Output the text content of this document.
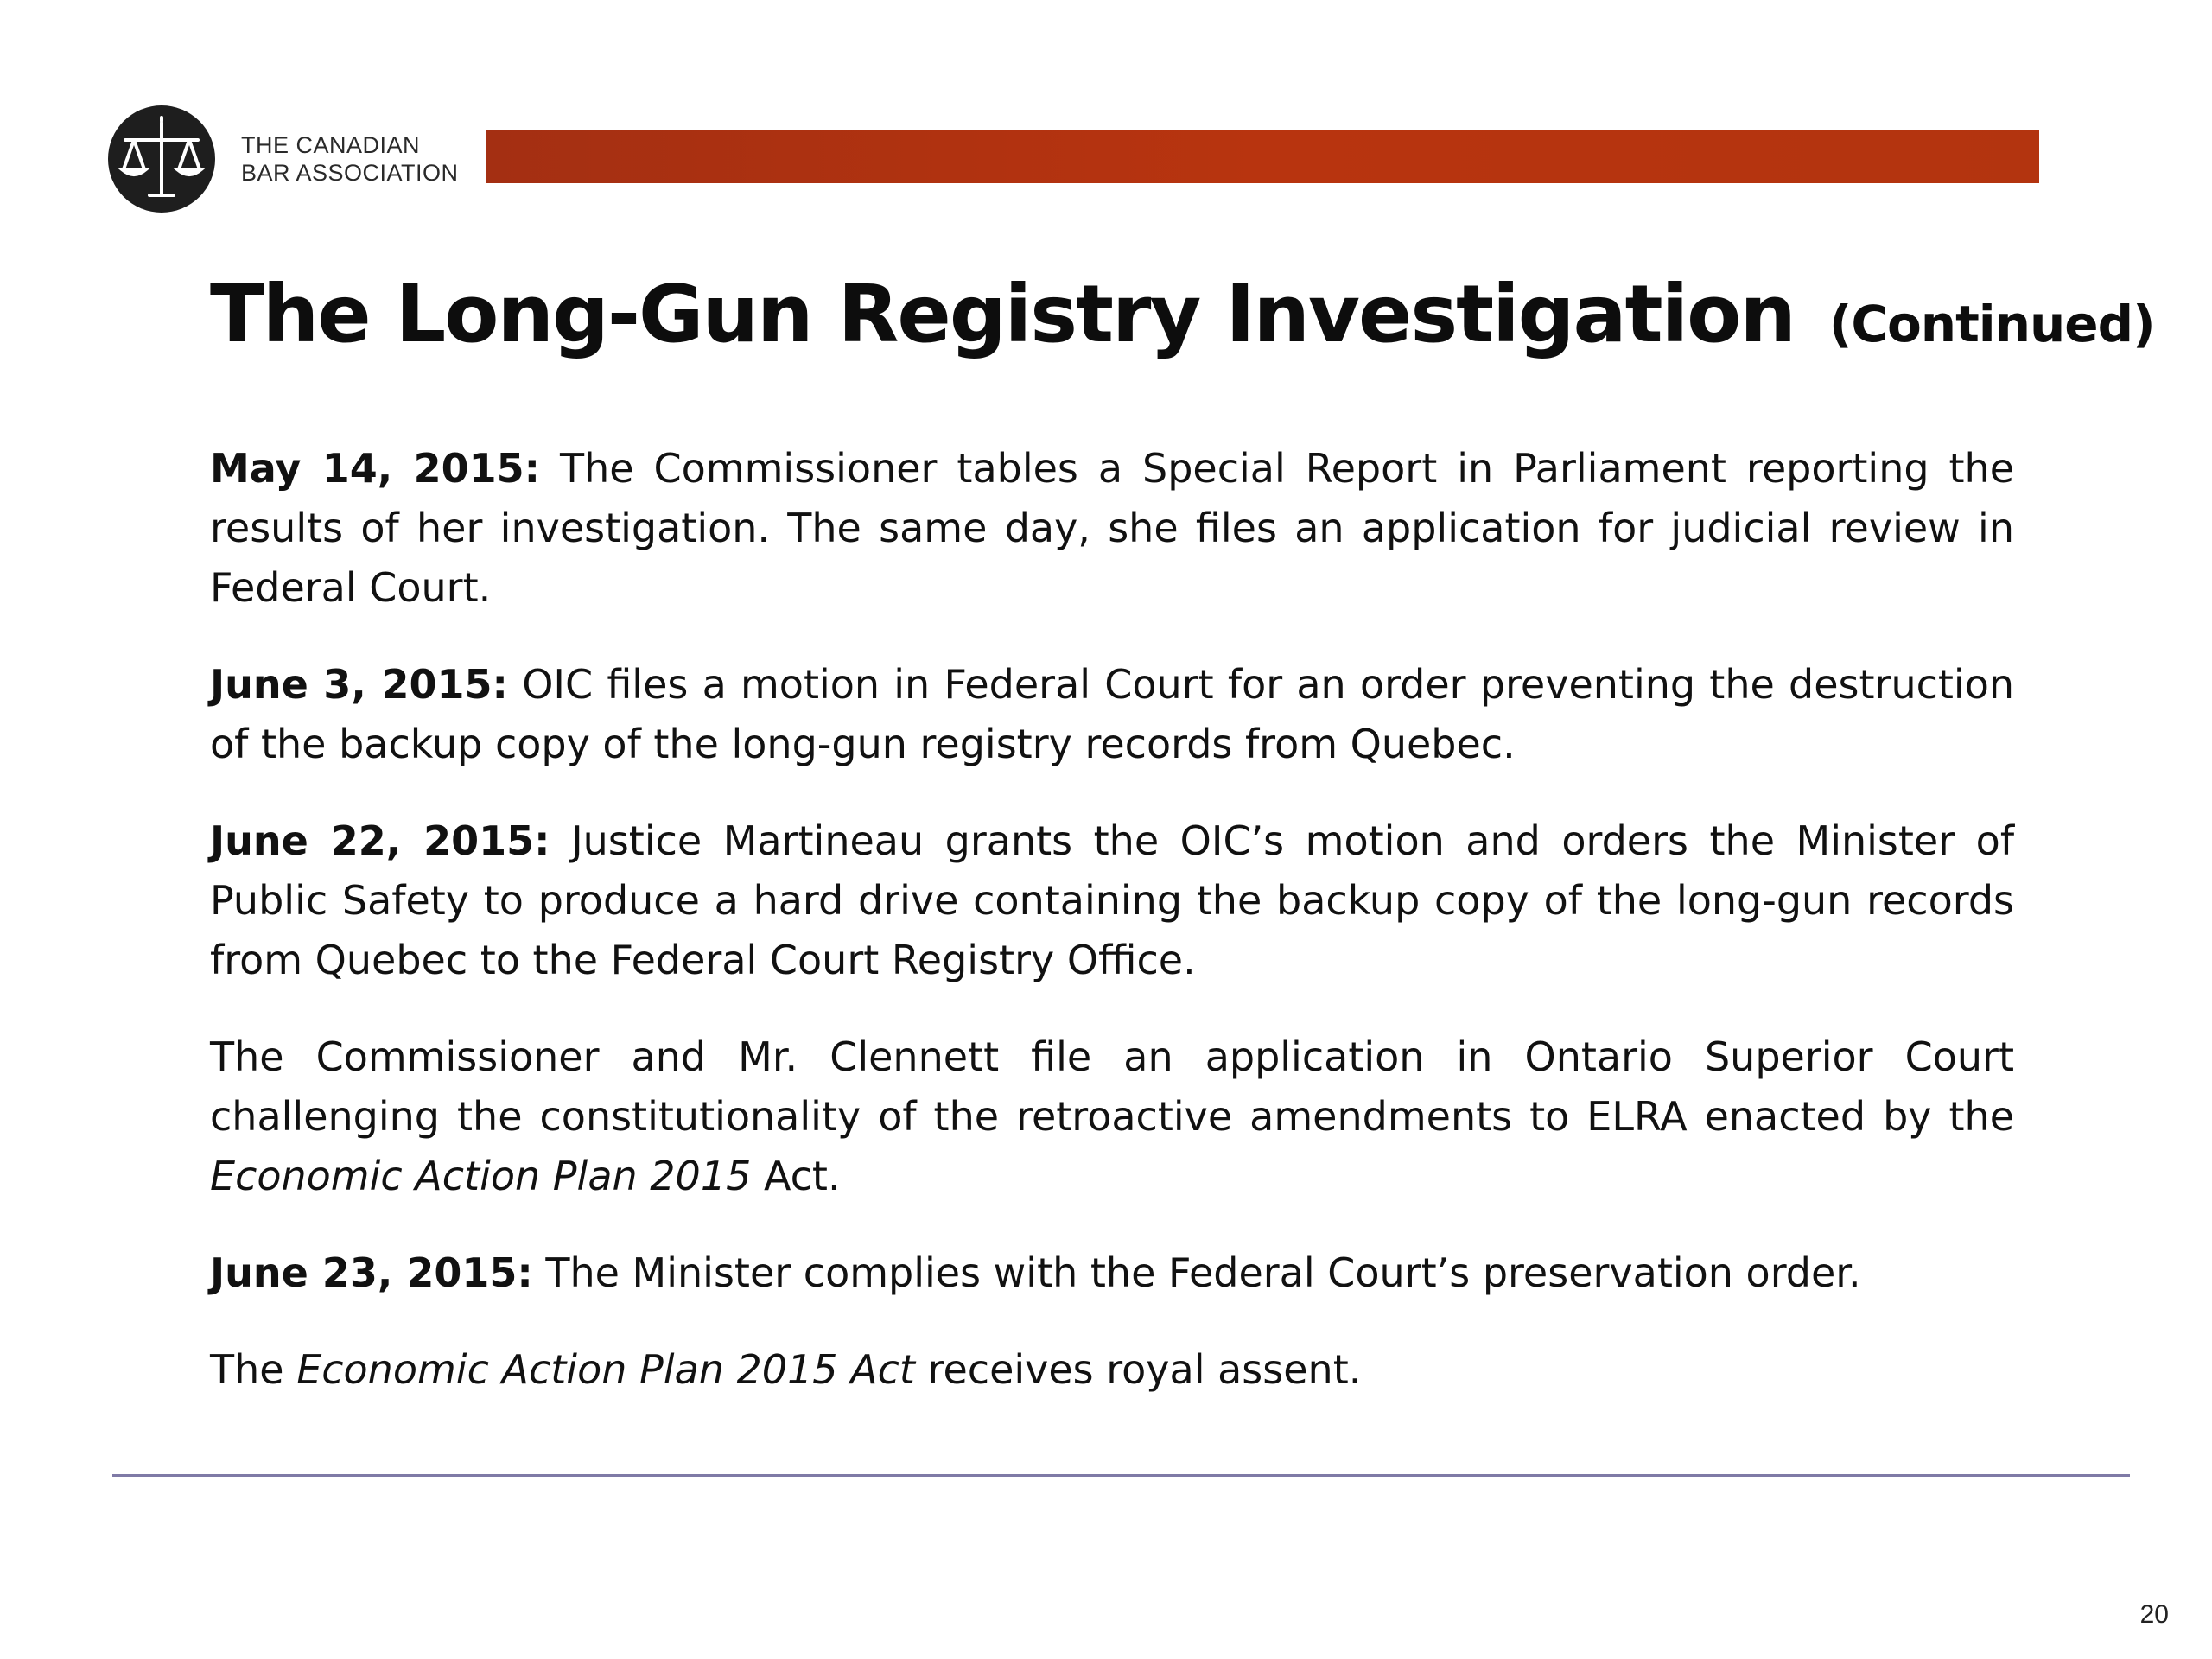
THE CANADIAN
BAR ASSOCIATION
The Long-Gun Registry Investigation (Continued)

May 14, 2015: The Commissioner tables a Special Report in Parliament reporting the results of her investigation. The same day, she files an application for judicial review in Federal Court.

June 3, 2015: OIC files a motion in Federal Court for an order preventing the destruction of the backup copy of the long-gun registry records from Quebec.

June 22, 2015: Justice Martineau grants the OIC’s motion and orders the Minister of Public Safety to produce a hard drive containing the backup copy of the long-gun records from Quebec to the Federal Court Registry Office.

The Commissioner and Mr. Clennett file an application in Ontario Superior Court challenging the constitutionality of the retroactive amendments to ELRA enacted by the Economic Action Plan 2015 Act.

June 23, 2015: The Minister complies with the Federal Court’s preservation order.

The Economic Action Plan 2015 Act receives royal assent.

20
